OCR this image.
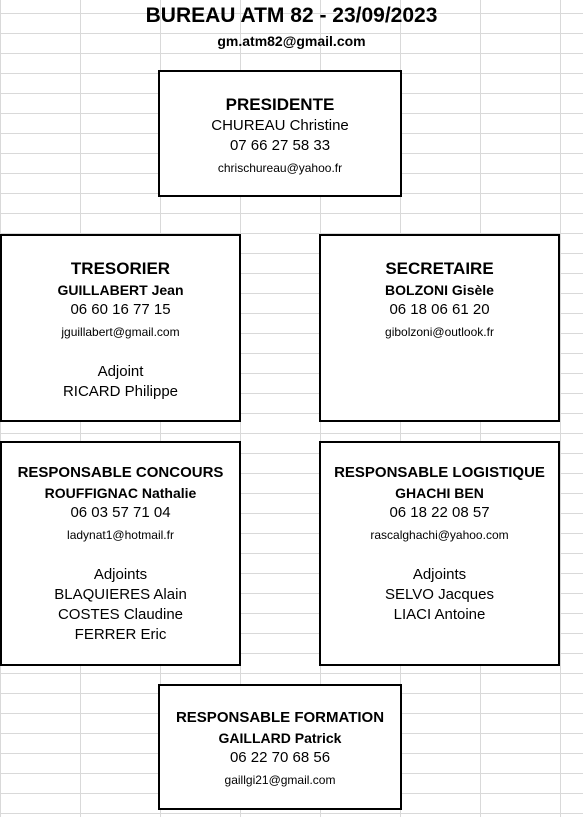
BUREAU ATM 82 - 23/09/2023
gm.atm82@gmail.com
PRESIDENTE
CHUREAU Christine
07 66 27 58 33
chrischureau@yahoo.fr
TRESORIER
GUILLABERT Jean
06 60 16 77 15
jguillabert@gmail.com
Adjoint
RICARD Philippe
SECRETAIRE
BOLZONI Gisèle
06 18 06 61 20
gibolzoni@outlook.fr
RESPONSABLE CONCOURS
ROUFFIGNAC Nathalie
06 03 57 71 04
ladynat1@hotmail.fr
Adjoints
BLAQUIERES Alain
COSTES Claudine
FERRER Eric
RESPONSABLE LOGISTIQUE
GHACHI BEN
06 18 22 08 57
rascalghachi@yahoo.com
Adjoints
SELVO Jacques
LIACI Antoine
RESPONSABLE FORMATION
GAILLARD Patrick
06 22 70 68 56
gaillgi21@gmail.com
